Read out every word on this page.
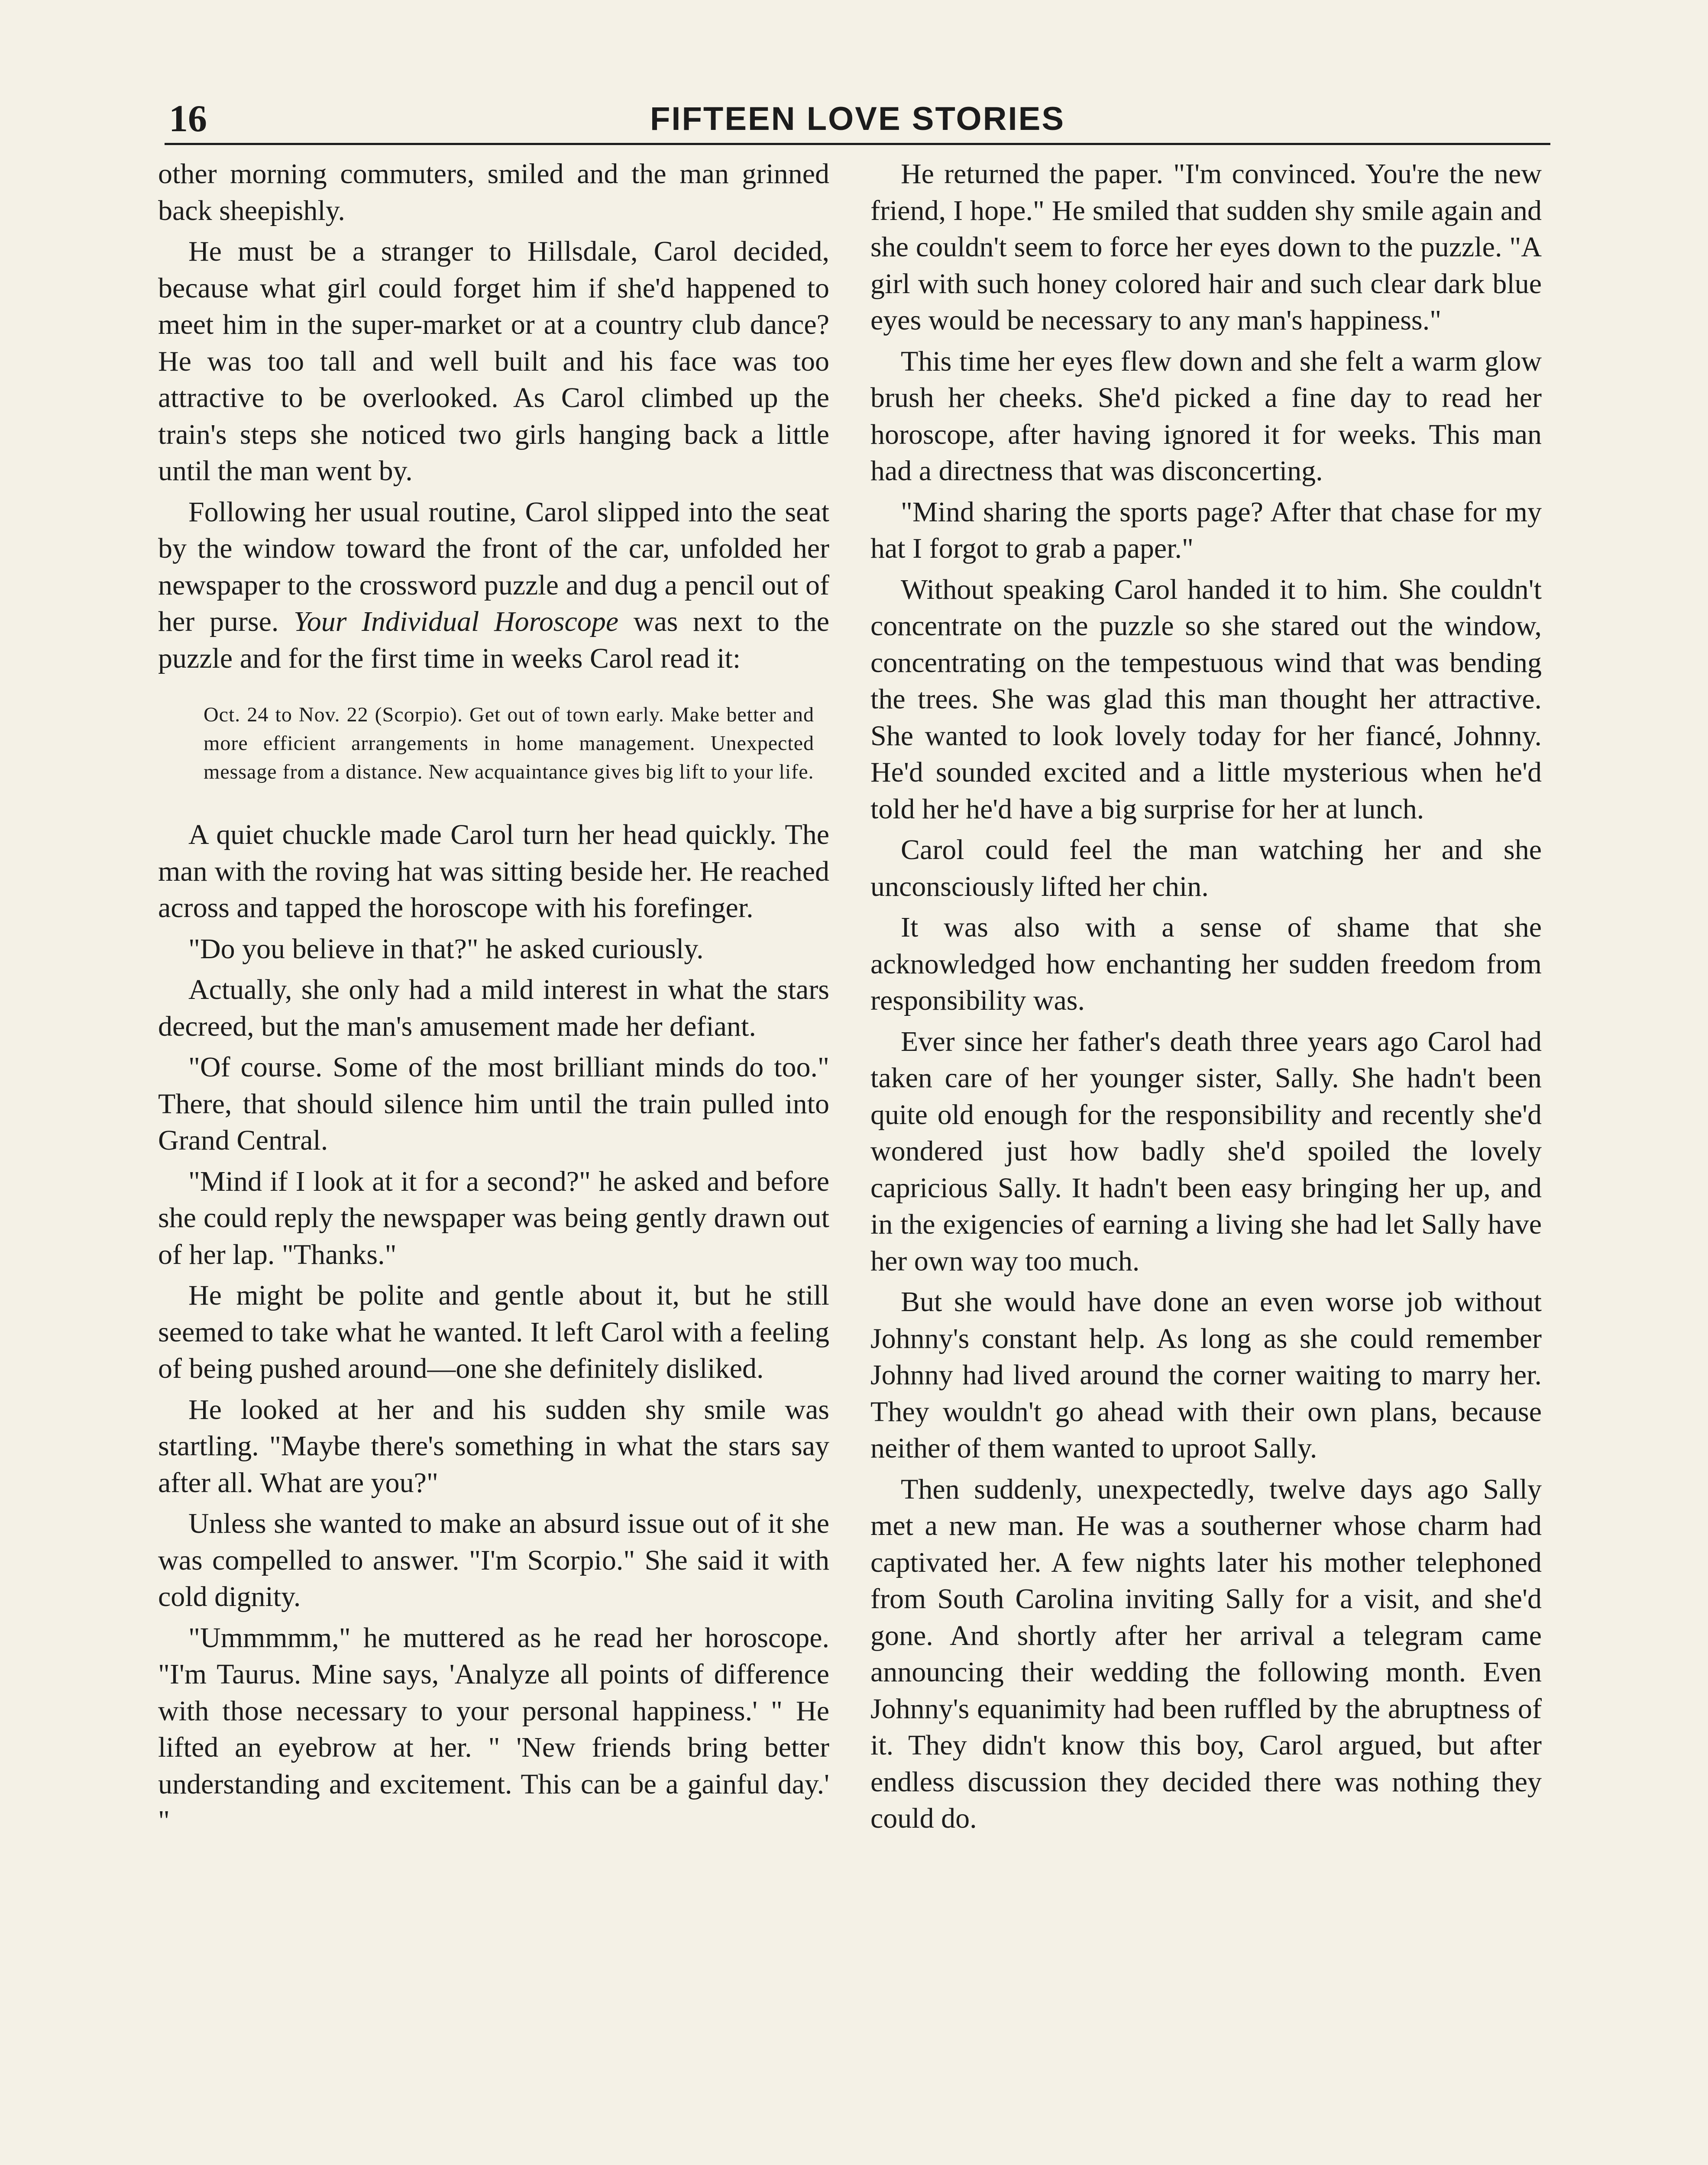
16	FIFTEEN LOVE STORIES

other morning commuters, smiled and the man grinned back sheepishly.

He must be a stranger to Hillsdale, Carol decided, because what girl could forget him if she'd happened to meet him in the super-market or at a country club dance? He was too tall and well built and his face was too attractive to be overlooked. As Carol climbed up the train's steps she noticed two girls hanging back a little until the man went by.

Following her usual routine, Carol slipped into the seat by the window toward the front of the car, unfolded her newspaper to the crossword puzzle and dug a pencil out of her purse. Your Individual Horoscope was next to the puzzle and for the first time in weeks Carol read it:

Oct. 24 to Nov. 22 (Scorpio). Get out of town early. Make better and more efficient arrangements in home management. Unexpected message from a distance. New acquaintance gives big lift to your life.

A quiet chuckle made Carol turn her head quickly. The man with the roving hat was sitting beside her. He reached across and tapped the horoscope with his forefinger.

"Do you believe in that?" he asked curiously.

Actually, she only had a mild interest in what the stars decreed, but the man's amusement made her defiant.

"Of course. Some of the most brilliant minds do too." There, that should silence him until the train pulled into Grand Central.

"Mind if I look at it for a second?" he asked and before she could reply the newspaper was being gently drawn out of her lap. "Thanks."

He might be polite and gentle about it, but he still seemed to take what he wanted. It left Carol with a feeling of being pushed around—one she definitely disliked.

He looked at her and his sudden shy smile was startling. "Maybe there's something in what the stars say after all. What are you?"

Unless she wanted to make an absurd issue out of it she was compelled to answer. "I'm Scorpio." She said it with cold dignity.

"Ummmmm," he muttered as he read her horoscope. "I'm Taurus. Mine says, 'Analyze all points of difference with those necessary to your personal happiness.' " He lifted an eyebrow at her. " 'New friends bring better understanding and excitement. This can be a gainful day.' "

He returned the paper. "I'm convinced. You're the new friend, I hope." He smiled that sudden shy smile again and she couldn't seem to force her eyes down to the puzzle. "A girl with such honey colored hair and such clear dark blue eyes would be necessary to any man's happiness."

This time her eyes flew down and she felt a warm glow brush her cheeks. She'd picked a fine day to read her horoscope, after having ignored it for weeks. This man had a directness that was disconcerting.

"Mind sharing the sports page? After that chase for my hat I forgot to grab a paper."

Without speaking Carol handed it to him. She couldn't concentrate on the puzzle so she stared out the window, concentrating on the tempestuous wind that was bending the trees. She was glad this man thought her attractive. She wanted to look lovely today for her fiancé, Johnny. He'd sounded excited and a little mysterious when he'd told her he'd have a big surprise for her at lunch.

Carol could feel the man watching her and she unconsciously lifted her chin.

It was also with a sense of shame that she acknowledged how enchanting her sudden freedom from responsibility was.

Ever since her father's death three years ago Carol had taken care of her younger sister, Sally. She hadn't been quite old enough for the responsibility and recently she'd wondered just how badly she'd spoiled the lovely capricious Sally. It hadn't been easy bringing her up, and in the exigencies of earning a living she had let Sally have her own way too much.

But she would have done an even worse job without Johnny's constant help. As long as she could remember Johnny had lived around the corner waiting to marry her. They wouldn't go ahead with their own plans, because neither of them wanted to uproot Sally.

Then suddenly, unexpectedly, twelve days ago Sally met a new man. He was a southerner whose charm had captivated her. A few nights later his mother telephoned from South Carolina inviting Sally for a visit, and she'd gone. And shortly after her arrival a telegram came announcing their wedding the following month. Even Johnny's equanimity had been ruffled by the abruptness of it. They didn't know this boy, Carol argued, but after endless discussion they decided there was nothing they could do.
